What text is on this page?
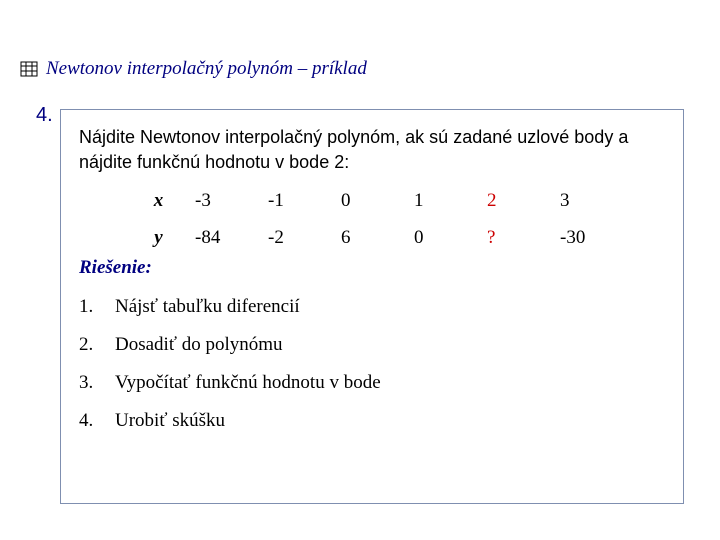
Newtonov interpolačný polynóm – príklad
4.
Nájdite Newtonov interpolačný polynóm, ak sú zadané uzlové body a nájdite funkčnú hodnotu v bode 2:
x	-3	-1	0	1	2	3
y	-84	-2	6	0	?	-30
Riešenie:
1.	Nájsť tabuľku diferencií
2.	Dosadiť do polynómu
3.	Vypočítať funkčnú hodnotu v bode
4.	Urobiť skúšku
